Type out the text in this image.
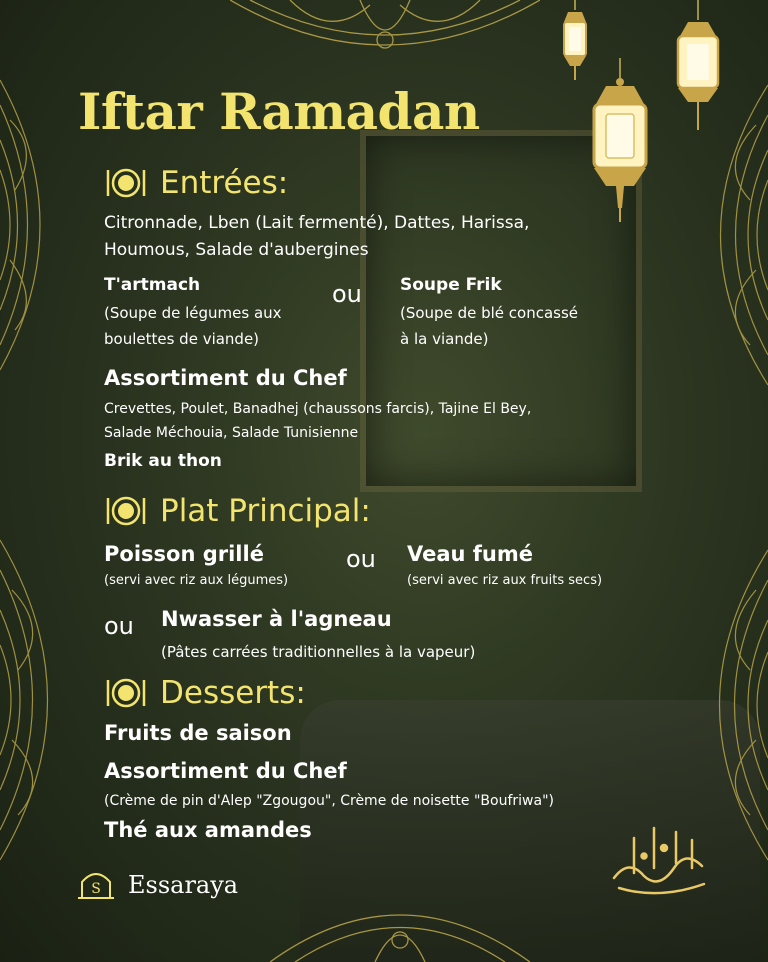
Iftar Ramadan
Entrées:
Citronnade, Lben (Lait fermenté), Dattes, Harissa,
Houmous, Salade d'aubergines
T'artmach
(Soupe de légumes aux
boulettes de viande)
ou Soupe Frik
(Soupe de blé concassé
à la viande)
Assortiment du Chef
Crevettes, Poulet, Banadhej (chaussons farcis), Tajine El Bey,
Salade Méchouia, Salade Tunisienne
Brik au thon
Plat Principal:
Poisson grillé
(servi avec riz aux légumes)
ou Veau fumé
(servi avec riz aux fruits secs)
ou Nwasser à l'agneau
(Pâtes carrées traditionnelles à la vapeur)
Desserts:
Fruits de saison
Assortiment du Chef
(Crème de pin d'Alep "Zgougou", Crème de noisette "Boufriwa")
Thé aux amandes
S Essaraya
